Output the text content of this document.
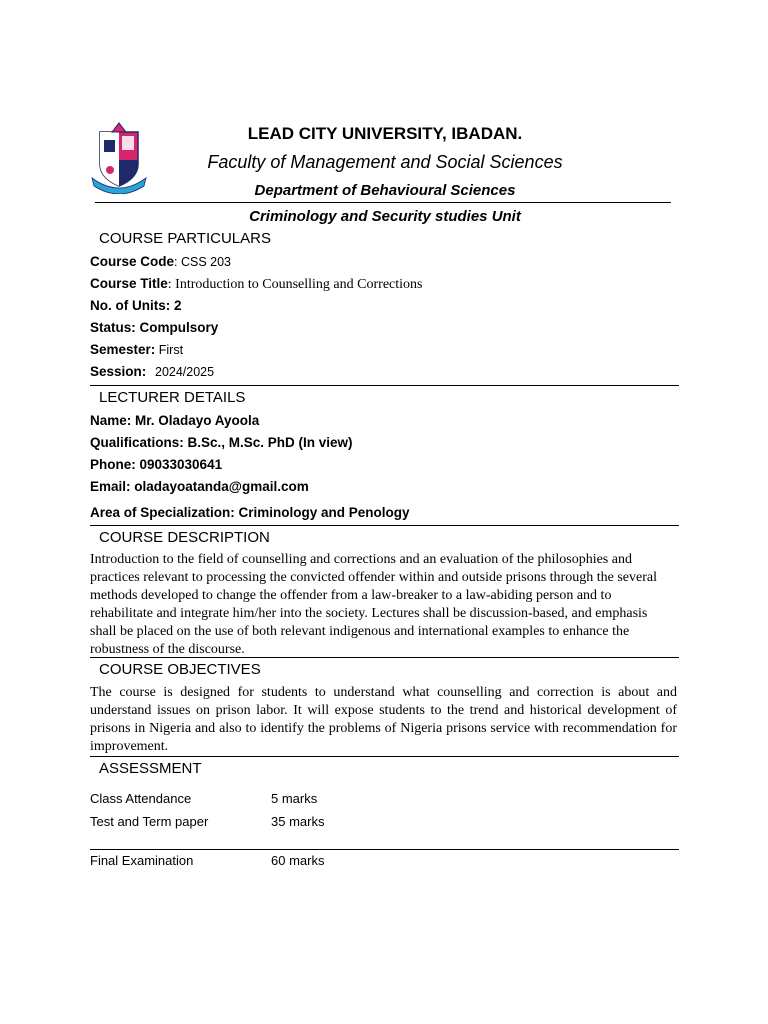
LEAD CITY UNIVERSITY, IBADAN.
Faculty of Management and Social Sciences
Department of Behavioural Sciences
Criminology and Security studies Unit
COURSE PARTICULARS
Course Code: CSS 203
Course Title: Introduction to Counselling and Corrections
No. of Units: 2
Status: Compulsory
Semester: First
Session: 2024/2025
LECTURER DETAILS
Name: Mr. Oladayo Ayoola
Qualifications: B.Sc., M.Sc. PhD (In view)
Phone: 09033030641
Email: oladayoatanda@gmail.com
Area of Specialization: Criminology and Penology
COURSE DESCRIPTION
Introduction to the field of counselling and corrections and an evaluation of the philosophies and practices relevant to processing the convicted offender within and outside prisons through the several methods developed to change the offender from a law-breaker to a law-abiding person and to rehabilitate and integrate him/her into the society. Lectures shall be discussion-based, and emphasis shall be placed on the use of both relevant indigenous and international examples to enhance the robustness of the discourse.
COURSE OBJECTIVES
The course is designed for students to understand what counselling and correction is about and understand issues on prison labor. It will expose students to the trend and historical development of prisons in Nigeria and also to identify the problems of Nigeria prisons service with recommendation for improvement.
ASSESSMENT
Class Attendance	5 marks
Test and Term paper	35 marks
Final Examination	60 marks
